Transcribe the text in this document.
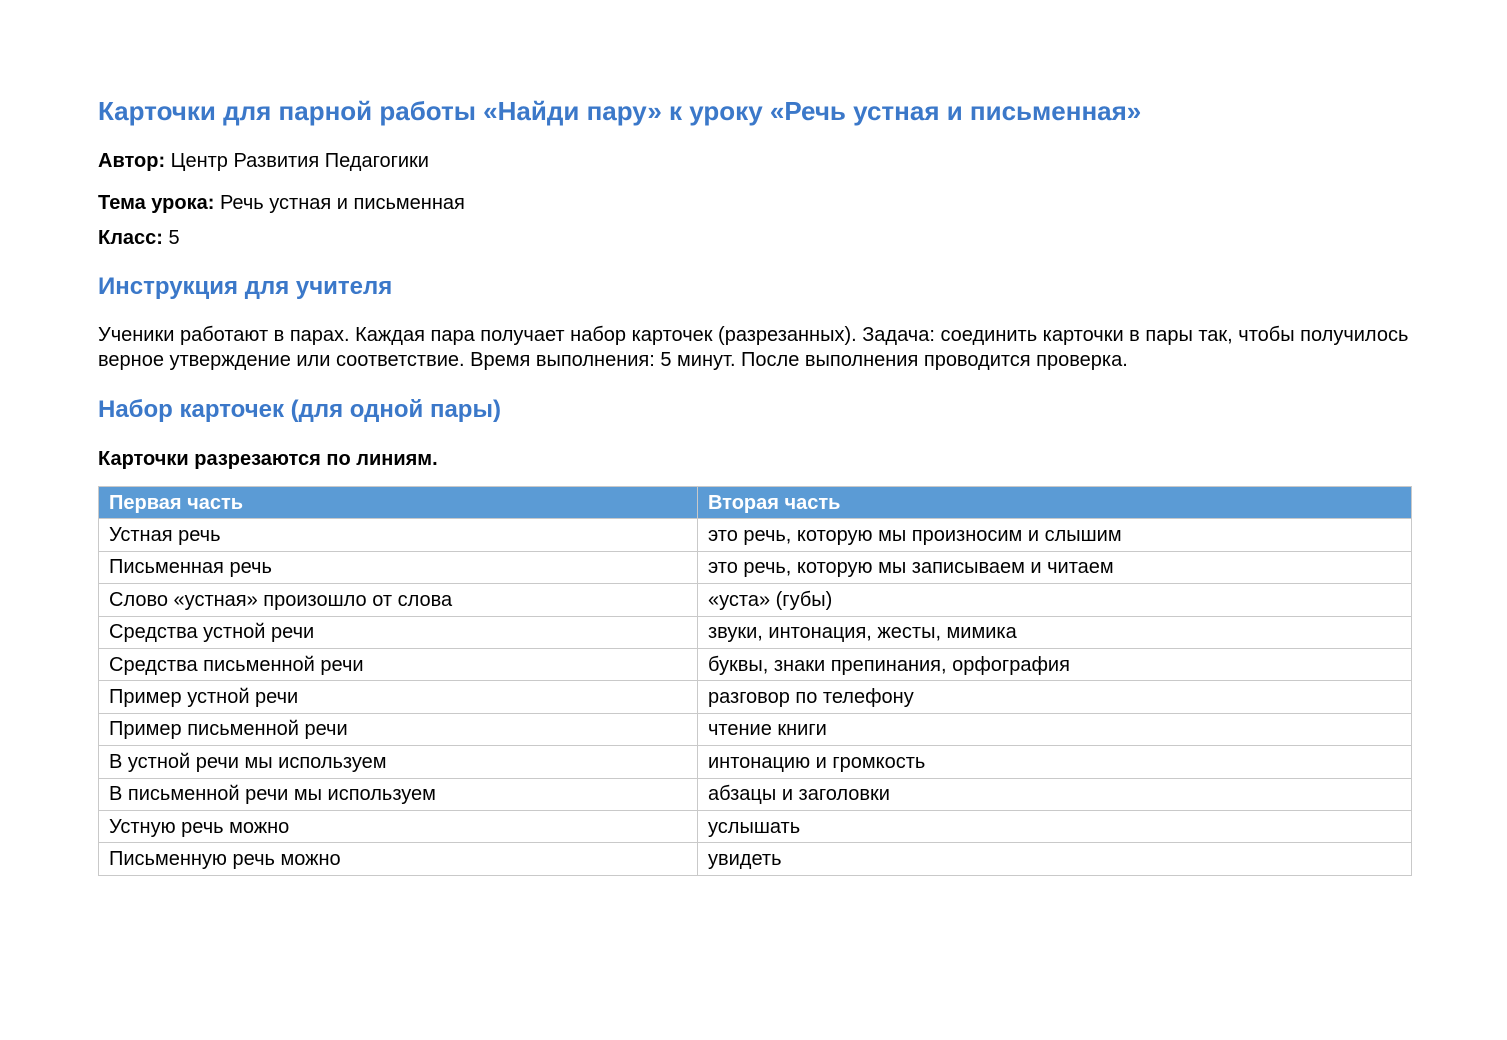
Карточки для парной работы «Найди пару» к уроку «Речь устная и письменная»

Автор: Центр Развития Педагогики

Тема урока: Речь устная и письменная

Класс: 5

Инструкция для учителя

Ученики работают в парах. Каждая пара получает набор карточек (разрезанных). Задача: соединить карточки в пары так, чтобы получилось верное утверждение или соответствие. Время выполнения: 5 минут. После выполнения проводится проверка.

Набор карточек (для одной пары)

Карточки разрезаются по линиям.

Первая часть	Вторая часть
Устная речь	это речь, которую мы произносим и слышим
Письменная речь	это речь, которую мы записываем и читаем
Слово «устная» произошло от слова	«уста» (губы)
Средства устной речи	звуки, интонация, жесты, мимика
Средства письменной речи	буквы, знаки препинания, орфография
Пример устной речи	разговор по телефону
Пример письменной речи	чтение книги
В устной речи мы используем	интонацию и громкость
В письменной речи мы используем	абзацы и заголовки
Устную речь можно	услышать
Письменную речь можно	увидеть
